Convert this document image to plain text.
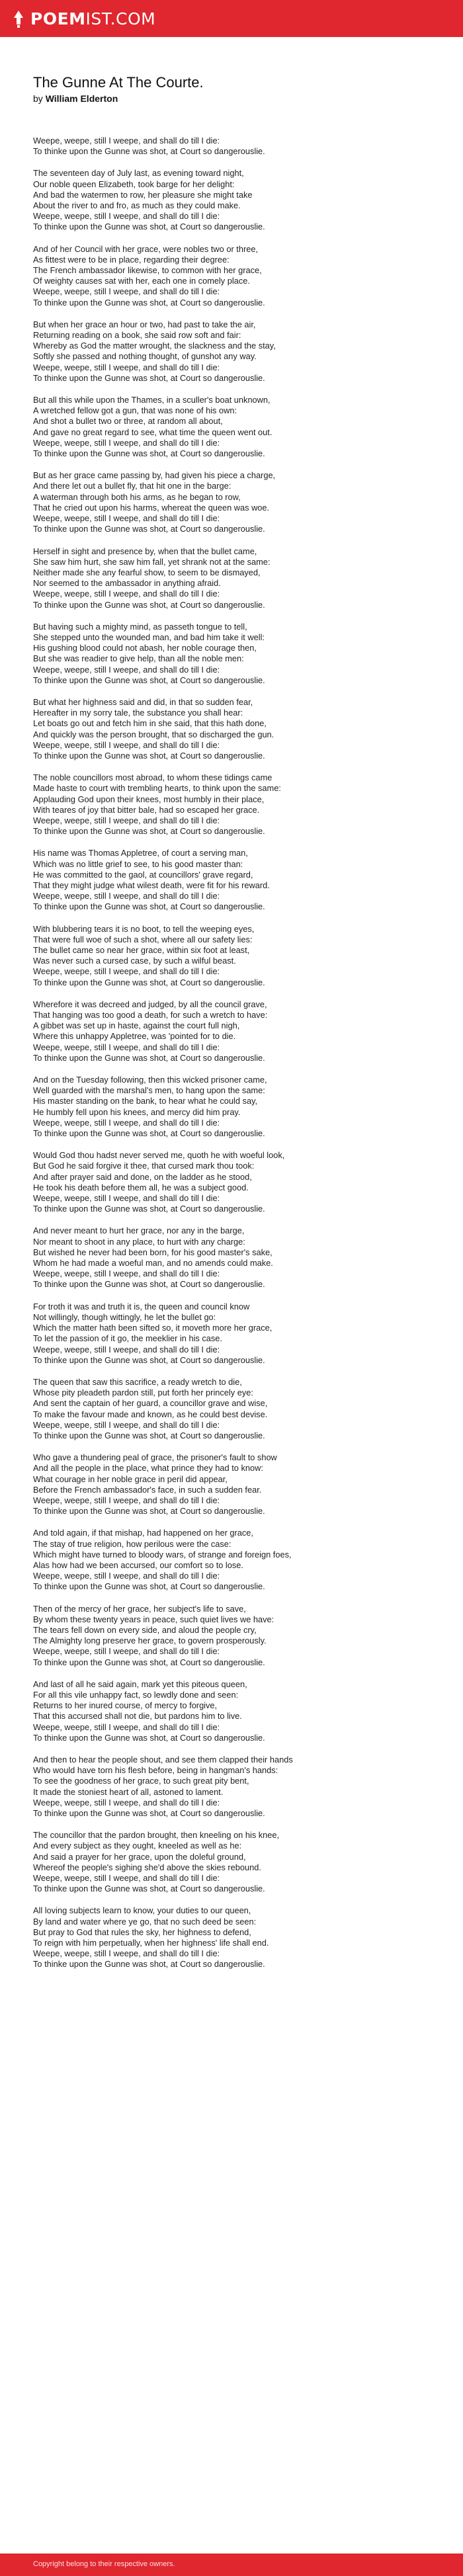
POEM IST.COM
The Gunne At The Courte.
by William Elderton
Weepe, weepe, still I weepe, and shall do till I die:
To thinke upon the Gunne was shot, at Court so dangerouslie.
The seventeen day of July last, as evening toward night,
Our noble queen Elizabeth, took barge for her delight:
And bad the watermen to row, her pleasure she might take
About the river to and fro, as much as they could make.
Weepe, weepe, still I weepe, and shall do till I die:
To thinke upon the Gunne was shot, at Court so dangerouslie.
And of her Council with her grace, were nobles two or three,
As fittest were to be in place, regarding their degree:
The French ambassador likewise, to common with her grace,
Of weighty causes sat with her, each one in comely place.
Weepe, weepe, still I weepe, and shall do till I die:
To thinke upon the Gunne was shot, at Court so dangerouslie.
But when her grace an hour or two, had past to take the air,
Returning reading on a book, she said row soft and fair:
Whereby as God the matter wrought, the slackness and the stay,
Softly she passed and nothing thought, of gunshot any way.
Weepe, weepe, still I weepe, and shall do till I die:
To thinke upon the Gunne was shot, at Court so dangerouslie.
But all this while upon the Thames, in a sculler's boat unknown,
A wretched fellow got a gun, that was none of his own:
And shot a bullet two or three, at random all about,
And gave no great regard to see, what time the queen went out.
Weepe, weepe, still I weepe, and shall do till I die:
To thinke upon the Gunne was shot, at Court so dangerouslie.
But as her grace came passing by, had given his piece a charge,
And there let out a bullet fly, that hit one in the barge:
A waterman through both his arms, as he began to row,
That he cried out upon his harms, whereat the queen was woe.
Weepe, weepe, still I weepe, and shall do till I die:
To thinke upon the Gunne was shot, at Court so dangerouslie.
Herself in sight and presence by, when that the bullet came,
She saw him hurt, she saw him fall, yet shrank not at the same:
Neither made she any fearful show, to seem to be dismayed,
Nor seemed to the ambassador in anything afraid.
Weepe, weepe, still I weepe, and shall do till I die:
To thinke upon the Gunne was shot, at Court so dangerouslie.
But having such a mighty mind, as passeth tongue to tell,
She stepped unto the wounded man, and bad him take it well:
His gushing blood could not abash, her noble courage then,
But she was readier to give help, than all the noble men:
Weepe, weepe, still I weepe, and shall do till I die:
To thinke upon the Gunne was shot, at Court so dangerouslie.
But what her highness said and did, in that so sudden fear,
Hereafter in my sorry tale, the substance you shall hear:
Let boats go out and fetch him in she said, that this hath done,
And quickly was the person brought, that so discharged the gun.
Weepe, weepe, still I weepe, and shall do till I die:
To thinke upon the Gunne was shot, at Court so dangerouslie.
The noble councillors most abroad, to whom these tidings came
Made haste to court with trembling hearts, to think upon the same:
Applauding God upon their knees, most humbly in their place,
With teares of joy that bitter bale, had so escaped her grace.
Weepe, weepe, still I weepe, and shall do till I die:
To thinke upon the Gunne was shot, at Court so dangerouslie.
His name was Thomas Appletree, of court a serving man,
Which was no little grief to see, to his good master than:
He was committed to the gaol, at councillors' grave regard,
That they might judge what wilest death, were fit for his reward.
Weepe, weepe, still I weepe, and shall do till I die:
To thinke upon the Gunne was shot, at Court so dangerouslie.
With blubbering tears it is no boot, to tell the weeping eyes,
That were full woe of such a shot, where all our safety lies:
The bullet came so near her grace, within six foot at least,
Was never such a cursed case, by such a wilful beast.
Weepe, weepe, still I weepe, and shall do till I die:
To thinke upon the Gunne was shot, at Court so dangerouslie.
Wherefore it was decreed and judged, by all the council grave,
That hanging was too good a death, for such a wretch to have:
A gibbet was set up in haste, against the court full nigh,
Where this unhappy Appletree, was 'pointed for to die.
Weepe, weepe, still I weepe, and shall do till I die:
To thinke upon the Gunne was shot, at Court so dangerouslie.
And on the Tuesday following, then this wicked prisoner came,
Well guarded with the marshal's men, to hang upon the same:
His master standing on the bank, to hear what he could say,
He humbly fell upon his knees, and mercy did him pray.
Weepe, weepe, still I weepe, and shall do till I die:
To thinke upon the Gunne was shot, at Court so dangerouslie.
Would God thou hadst never served me, quoth he with woeful look,
But God he said forgive it thee, that cursed mark thou took:
And after prayer said and done, on the ladder as he stood,
He took his death before them all, he was a subject good.
Weepe, weepe, still I weepe, and shall do till I die:
To thinke upon the Gunne was shot, at Court so dangerouslie.
And never meant to hurt her grace, nor any in the barge,
Nor meant to shoot in any place, to hurt with any charge:
But wished he never had been born, for his good master's sake,
Whom he had made a woeful man, and no amends could make.
Weepe, weepe, still I weepe, and shall do till I die:
To thinke upon the Gunne was shot, at Court so dangerouslie.
For troth it was and truth it is, the queen and council know
Not willingly, though wittingly, he let the bullet go:
Which the matter hath been sifted so, it moveth more her grace,
To let the passion of it go, the meeklier in his case.
Weepe, weepe, still I weepe, and shall do till I die:
To thinke upon the Gunne was shot, at Court so dangerouslie.
The queen that saw this sacrifice, a ready wretch to die,
Whose pity pleadeth pardon still, put forth her princely eye:
And sent the captain of her guard, a councillor grave and wise,
To make the favour made and known, as he could best devise.
Weepe, weepe, still I weepe, and shall do till I die:
To thinke upon the Gunne was shot, at Court so dangerouslie.
Who gave a thundering peal of grace, the prisoner's fault to show
And all the people in the place, what prince they had to know:
What courage in her noble grace in peril did appear,
Before the French ambassador's face, in such a sudden fear.
Weepe, weepe, still I weepe, and shall do till I die:
To thinke upon the Gunne was shot, at Court so dangerouslie.
And told again, if that mishap, had happened on her grace,
The stay of true religion, how perilous were the case:
Which might have turned to bloody wars, of strange and foreign foes,
Alas how had we been accursed, our comfort so to lose.
Weepe, weepe, still I weepe, and shall do till I die:
To thinke upon the Gunne was shot, at Court so dangerouslie.
Then of the mercy of her grace, her subject's life to save,
By whom these twenty years in peace, such quiet lives we have:
The tears fell down on every side, and aloud the people cry,
The Almighty long preserve her grace, to govern prosperously.
Weepe, weepe, still I weepe, and shall do till I die:
To thinke upon the Gunne was shot, at Court so dangerouslie.
And last of all he said again, mark yet this piteous queen,
For all this vile unhappy fact, so lewdly done and seen:
Returns to her inured course, of mercy to forgive,
That this accursed shall not die, but pardons him to live.
Weepe, weepe, still I weepe, and shall do till I die:
To thinke upon the Gunne was shot, at Court so dangerouslie.
And then to hear the people shout, and see them clapped their hands
Who would have torn his flesh before, being in hangman's hands:
To see the goodness of her grace, to such great pity bent,
It made the stoniest heart of all, astoned to lament.
Weepe, weepe, still I weepe, and shall do till I die:
To thinke upon the Gunne was shot, at Court so dangerouslie.
The councillor that the pardon brought, then kneeling on his knee,
And every subject as they ought, kneeled as well as he:
And said a prayer for her grace, upon the doleful ground,
Whereof the people's sighing she'd above the skies rebound.
Weepe, weepe, still I weepe, and shall do till I die:
To thinke upon the Gunne was shot, at Court so dangerouslie.
All loving subjects learn to know, your duties to our queen,
By land and water where ye go, that no such deed be seen:
But pray to God that rules the sky, her highness to defend,
To reign with him perpetually, when her highness' life shall end.
Weepe, weepe, still I weepe, and shall do till I die:
To thinke upon the Gunne was shot, at Court so dangerouslie.
Copyright belong to their respective owners.
